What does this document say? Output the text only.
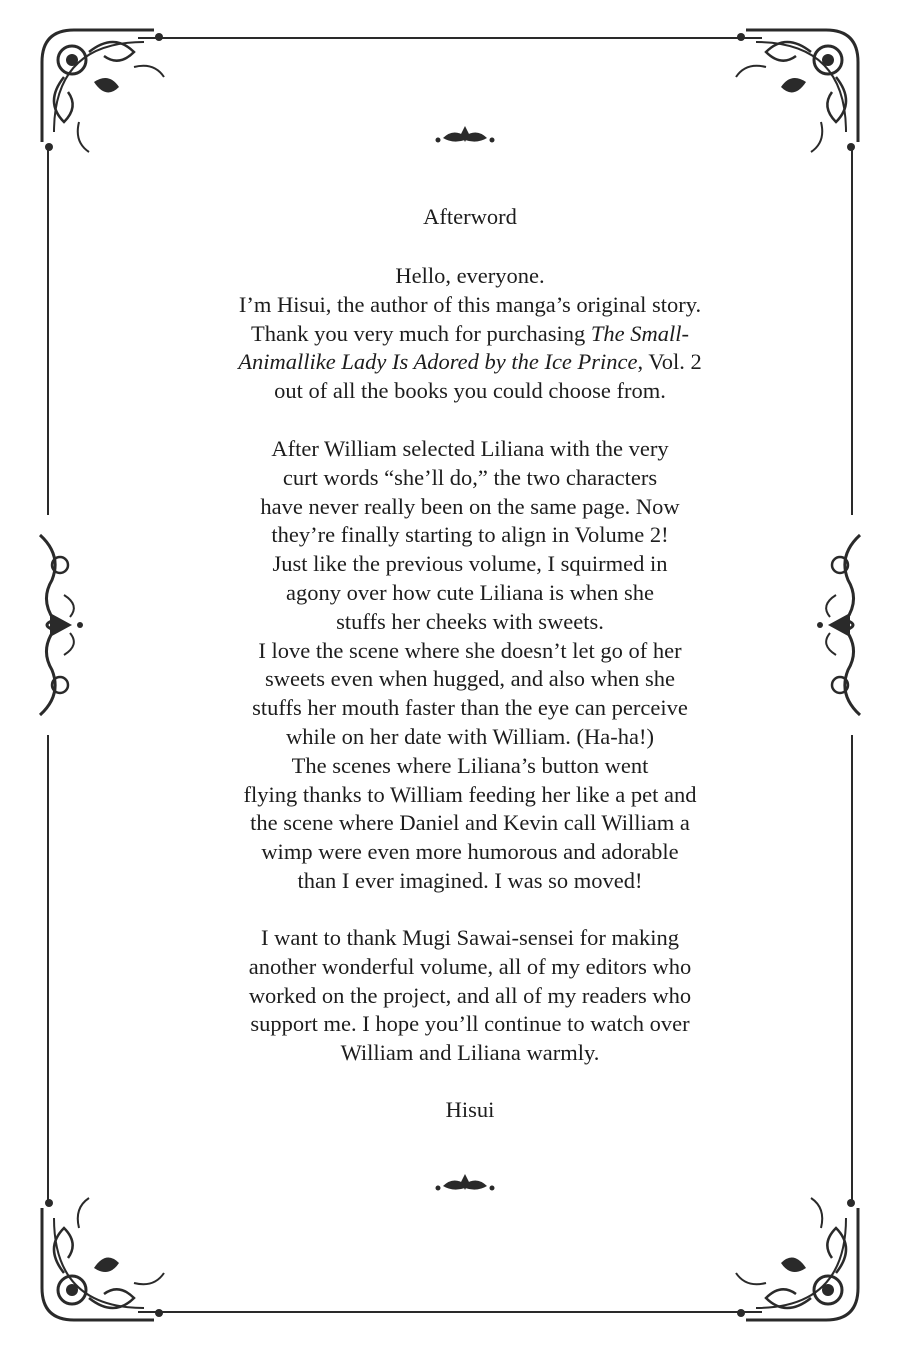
Afterword
Hello, everyone.
I’m Hisui, the author of this manga’s original story.
Thank you very much for purchasing The Small-
Animallike Lady Is Adored by the Ice Prince, Vol. 2
out of all the books you could choose from.
After William selected Liliana with the very
curt words “she’ll do,” the two characters
have never really been on the same page. Now
they’re finally starting to align in Volume 2!
Just like the previous volume, I squirmed in
agony over how cute Liliana is when she
stuffs her cheeks with sweets.
I love the scene where she doesn’t let go of her
sweets even when hugged, and also when she
stuffs her mouth faster than the eye can perceive
while on her date with William. (Ha-ha!)
The scenes where Liliana’s button went
flying thanks to William feeding her like a pet and
the scene where Daniel and Kevin call William a
wimp were even more humorous and adorable
than I ever imagined. I was so moved!
I want to thank Mugi Sawai-sensei for making
another wonderful volume, all of my editors who
worked on the project, and all of my readers who
support me. I hope you’ll continue to watch over
William and Liliana warmly.
Hisui
